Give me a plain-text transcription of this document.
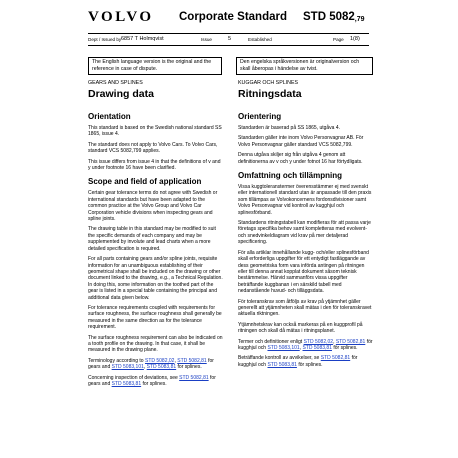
VOLVO Corporate Standard STD 5082,79
Dept / Issued by 6857 T Holmqvist	Issue	5	Established	Page 1(8)
The English language version is the original and the reference in case of dispute.
Den engelska språkversionen är originalversion och skall åberopas i händelse av tvist.

GEARS AND SPLINES

Drawing data
Orientation

This standard is based on the Swedish national standard SS 1865, issue 4.

The standard does not apply to Volvo Cars. To Volvo Cars, standard VCS 5082,799 applies.

This issue differs from issue 4 in that the definitions of v and y under footnote 16 have been clarified.

Scope and field of application

Certain gear tolerance terms do not agree with Swedish or international standards but have been adapted to the common practice at the Volvo Group and Volvo Car Corporation vehicle divisions when inspecting gears and spline joints.

The drawing table in this standard may be modified to suit the specific demands of each company and may be supplemented by involute and lead charts when a more detailed specification is required.

For all parts containing gears and/or spline joints, requisite information for an unambiguous establishing of their geometrical shape shall be included on the drawing or other document linked to the drawing, e.g., a Technical Regulation. In doing this, some information on the toothed part of the gear is listed in a special table containing the principal and additional data given below.

For tolerance requirements coupled with requirements for surface roughness, the surface roughness shall generally be measured in the same direction as for the tolerance requirement.

The surface roughness requirement can also be indicated on a tooth profile on the drawing. In that case, it shall be measured in the drawing plane.

Terminology according to STD 5082,02, STD 5082,81 for gears and STD 5083,101, STD 5083,81 for splines.

Concerning inspection of deviations, see STD 5082,81 for gears and STD 5083,81 for splines.

KUGGAR OCH SPLINES

Ritningsdata
Orientering

Standarden är baserad på SS 1865, utgåva 4.

Standarden gäller inte inom Volvo Personvagnar AB. För Volvo Personvagnar gäller standard VCS 5082,799.

Denna utgåva skiljer sig från utgåva 4 genom att definitionerna av v och y under fotnot 16 har förtydligats.

Omfattning och tillämpning

Vissa kuggtoleranstermer överensstämmer ej med svenskt eller internationell standard utan är anpassade till den praxis som tillämpas av Volvokoncernens fordonsdivisioner samt Volvo Personvagnar vid kontroll av kugghjul och splinesförband.

Standardens ritningstabell kan modifieras för att passa varje företags specifika behov samt kompletteras med evolvent- och snedvinkeldiagram vid krav på mer detaljerad specificering.

För alla artiklar innehållande kugg- och/eller splinesförband skall erforderliga uppgifter för ett entydigt fastläggande av dess geometriska form vara införda antingen på ritningen eller till denna annat kopplat dokument såsom teknisk bestämmelse. Härvid sammanförs vissa uppgifter beträffande kuggbanan i en särskild tabell med nedanstående huvud- och tilläggsdata.

För toleranskrav som åtföljs av krav på ytjämnhet gäller generellt att ytjämnheten skall mätas i den för toleranskravet aktuella riktningen.

Ytjämnhetskrav kan också markeras på en kuggprofil på ritningen och skall då mätas i ritningsplanet.

Termer och definitioner enligt STD 5082,02, STD 5082,81 för kugghjul och STD 5083,101, STD 5083,81 för splines.

Beträffande kontroll av avvikelser, se STD 5082,81 för kugghjul och STD 5083,81 för splines.
